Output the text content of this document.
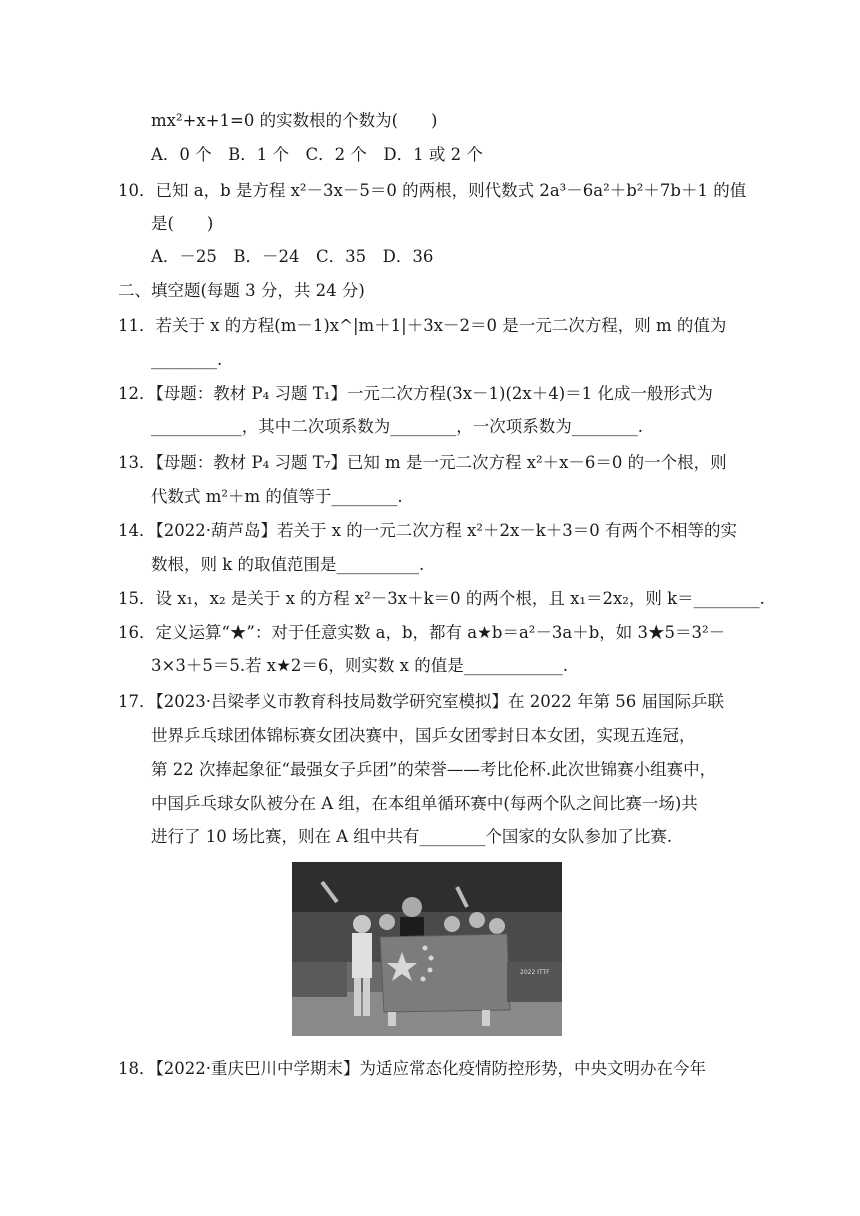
mx²+x+1=0 的实数根的个数为(　　)
A．0 个　B．1 个　C．2 个　D．1 或 2 个
10．已知 a，b 是方程 x²－3x－5＝0 的两根，则代数式 2a³－6a²＋b²＋7b＋1 的值
是(　　)
A．－25　B．－24　C．35　D．36
二、填空题(每题 3 分，共 24 分)
11．若关于 x 的方程(m－1)x^|m＋1|＋3x－2＝0 是一元二次方程，则 m 的值为
________.
12．【母题：教材 P₄ 习题 T₁】一元二次方程(3x－1)(2x＋4)＝1 化成一般形式为
___________，其中二次项系数为________，一次项系数为________.
13．【母题：教材 P₄ 习题 T₇】已知 m 是一元二次方程 x²＋x－6＝0 的一个根，则
代数式 m²＋m 的值等于________.
14．【2022·葫芦岛】若关于 x 的一元二次方程 x²＋2x－k＋3＝0 有两个不相等的实
数根，则 k 的取值范围是__________.
15．设 x₁，x₂ 是关于 x 的方程 x²－3x＋k＝0 的两个根，且 x₁＝2x₂，则 k＝________.
16．定义运算“★”：对于任意实数 a，b，都有 a★b＝a²－3a＋b，如 3★5＝3²－
3×3＋5＝5.若 x★2＝6，则实数 x 的值是____________.
17．【2023·吕梁孝义市教育科技局数学研究室模拟】在 2022 年第 56 届国际乒联
世界乒乓球团体锦标赛女团决赛中，国乒女团零封日本女团，实现五连冠，
第 22 次捧起象征“最强女子乒团”的荣誉——考比伦杯.此次世锦赛小组赛中，
中国乒乓球女队被分在 A 组，在本组单循环赛中(每两个队之间比赛一场)共
进行了 10 场比赛，则在 A 组中共有________个国家的女队参加了比赛.
2022 ITTF
18．【2022·重庆巴川中学期末】为适应常态化疫情防控形势，中央文明办在今年
